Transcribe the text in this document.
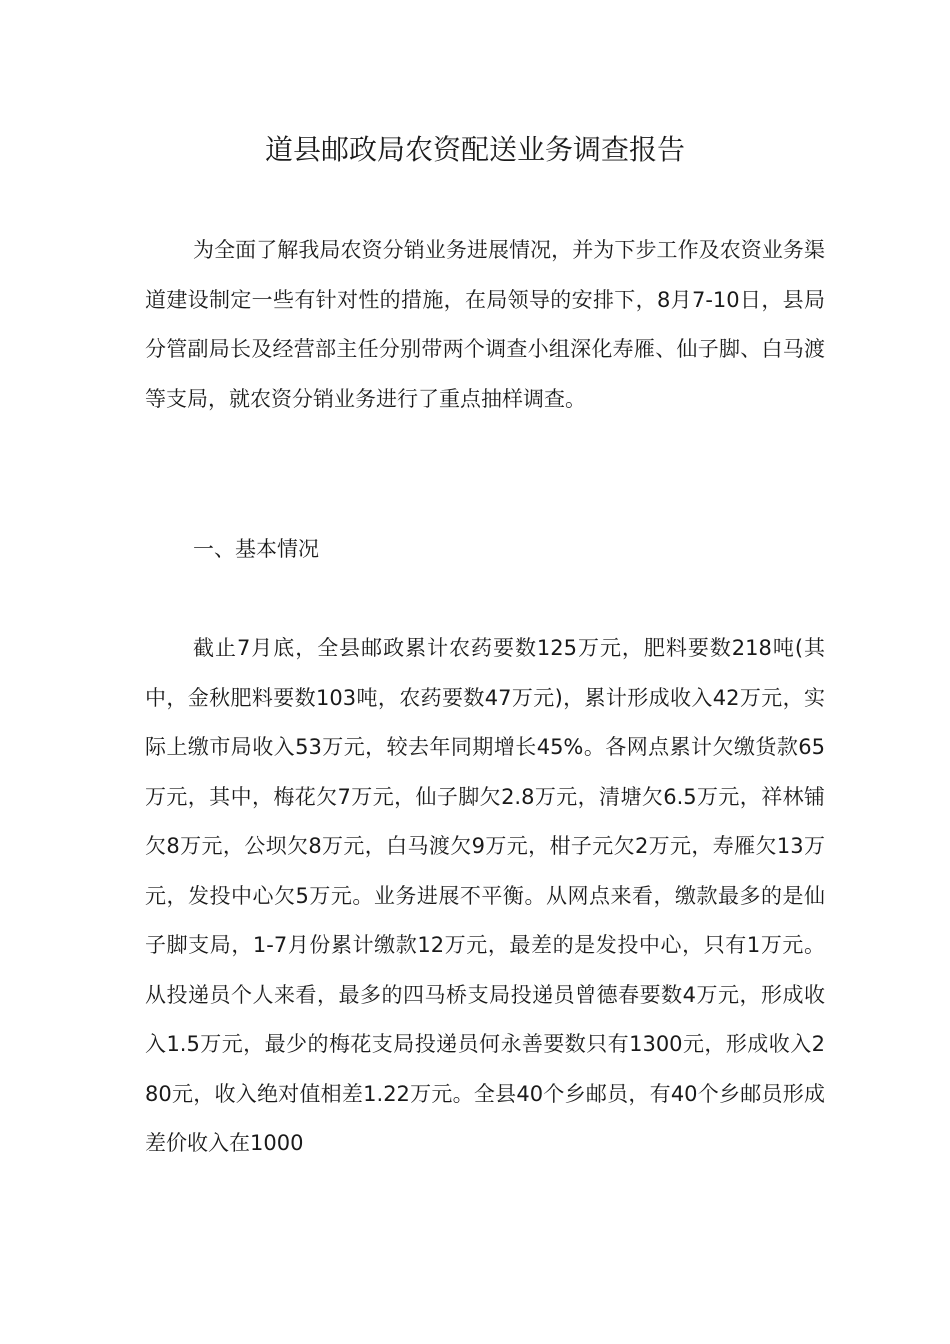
道县邮政局农资配送业务调查报告

为全面了解我局农资分销业务进展情况，并为下步工作及农资业务渠道建设制定一些有针对性的措施，在局领导的安排下，8月7-10日，县局分管副局长及经营部主任分别带两个调查小组深化寿雁、仙子脚、白马渡等支局，就农资分销业务进行了重点抽样调查。

一、基本情况

截止7月底，全县邮政累计农药要数125万元，肥料要数218吨(其中，金秋肥料要数103吨，农药要数47万元)，累计形成收入42万元，实际上缴市局收入53万元，较去年同期增长45%。各网点累计欠缴货款65万元，其中，梅花欠7万元，仙子脚欠2.8万元，清塘欠6.5万元，祥林铺欠8万元，公坝欠8万元，白马渡欠9万元，柑子元欠2万元，寿雁欠13万元，发投中心欠5万元。业务进展不平衡。从网点来看，缴款最多的是仙子脚支局，1-7月份累计缴款12万元，最差的是发投中心，只有1万元。从投递员个人来看，最多的四马桥支局投递员曾德春要数4万元，形成收入1.5万元，最少的梅花支局投递员何永善要数只有1300元，形成收入280元，收入绝对值相差1.22万元。全县40个乡邮员，有40个乡邮员形成差价收入在1000
